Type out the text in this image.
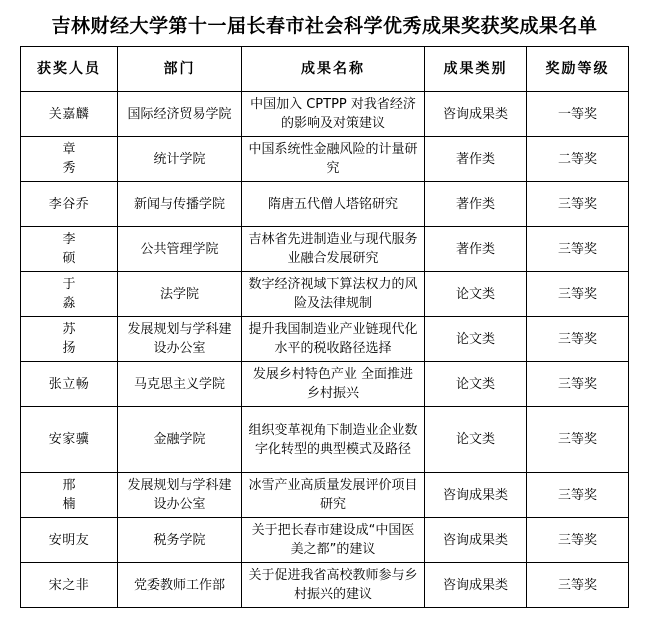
吉林财经大学第十一届长春市社会科学优秀成果奖获奖成果名单
获奖人员	部门	成果名称	成果类别	奖励等级
关嘉麟	国际经济贸易学院	中国加入 CPTPP 对我省经济的影响及对策建议	咨询成果类	一等奖
章 秀	统计学院	中国系统性金融风险的计量研究	著作类	二等奖
李谷乔	新闻与传播学院	隋唐五代僧人塔铭研究	著作类	三等奖
李 硕	公共管理学院	吉林省先进制造业与现代服务业融合发展研究	著作类	三等奖
于 淼	法学院	数字经济视域下算法权力的风险及法律规制	论文类	三等奖
苏 扬	发展规划与学科建设办公室	提升我国制造业产业链现代化水平的税收路径选择	论文类	三等奖
张立畅	马克思主义学院	发展乡村特色产业 全面推进乡村振兴	论文类	三等奖
安家骥	金融学院	组织变革视角下制造业企业数字化转型的典型模式及路径	论文类	三等奖
邢 楠	发展规划与学科建设办公室	冰雪产业高质量发展评价项目研究	咨询成果类	三等奖
安明友	税务学院	关于把长春市建设成“中国医美之都”的建议	咨询成果类	三等奖
宋之非	党委教师工作部	关于促进我省高校教师参与乡村振兴的建议	咨询成果类	三等奖
